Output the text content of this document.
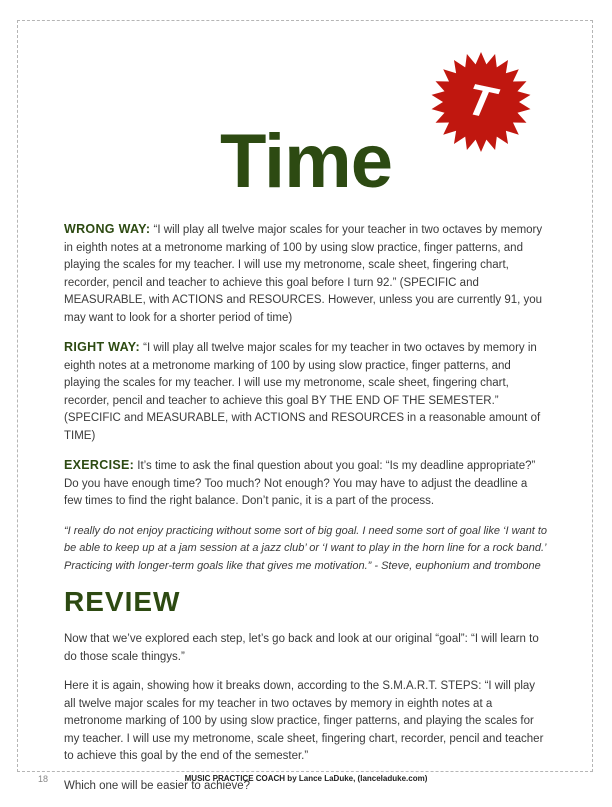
T
Time

WRONG WAY: “I will play all twelve major scales for your teacher in two octaves by memory in eighth notes at a metronome marking of 100 by using slow practice, finger patterns, and playing the scales for my teacher. I will use my metronome, scale sheet, fingering chart, recorder, pencil and teacher to achieve this goal before I turn 92.” (SPECIFIC and MEASURABLE, with ACTIONS and RESOURCES. However, unless you are currently 91, you may want to look for a shorter period of time)

RIGHT WAY: “I will play all twelve major scales for my teacher in two octaves by memory in eighth notes at a metronome marking of 100 by using slow practice, finger patterns, and playing the scales for my teacher. I will use my metronome, scale sheet, fingering chart, recorder, pencil and teacher to achieve this goal BY THE END OF THE SEMESTER.” (SPECIFIC and MEASURABLE, with ACTIONS and RESOURCES in a reasonable amount of TIME)

EXERCISE: It’s time to ask the final question about you goal: “Is my deadline appropriate?” Do you have enough time? Too much? Not enough? You may have to adjust the deadline a few times to find the right balance. Don’t panic, it is a part of the process.

“I really do not enjoy practicing without some sort of big goal. I need some sort of goal like ‘I want to be able to keep up at a jam session at a jazz club’ or ‘I want to play in the horn line for a rock band.’ Practicing with longer-term goals like that gives me motivation.” - Steve, euphonium and trombone

REVIEW

Now that we’ve explored each step, let’s go back and look at our original “goal”: “I will learn to do those scale thingys.”

Here it is again, showing how it breaks down, according to the S.M.A.R.T. STEPS: “I will play all twelve major scales for my teacher in two octaves by memory in eighth notes at a metronome marking of 100 by using slow practice, finger patterns, and playing the scales for my teacher. I will use my metronome, scale sheet, fingering chart, recorder, pencil and teacher to achieve this goal by the end of the semester.”

Which one will be easier to achieve?

18	MUSIC PRACTICE COACH by Lance LaDuke, (lanceladuke.com)
